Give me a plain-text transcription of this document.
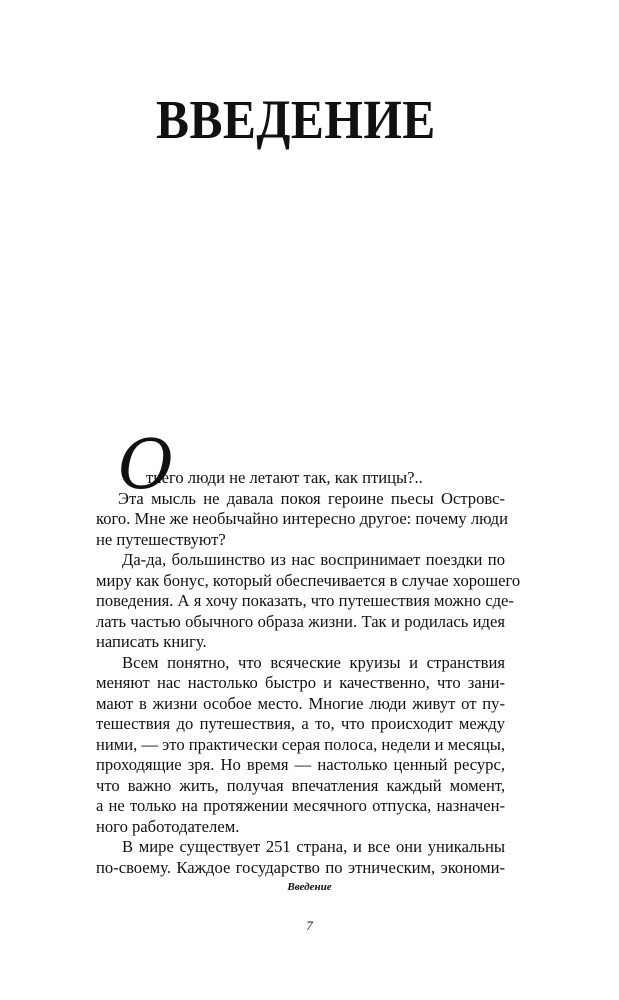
ВВЕДЕНИЕ
О
тчего люди не летают так, как птицы?..
Эта мысль не давала покоя героине пьесы Островс-
кого. Мне же необычайно интересно другое: почему люди
не путешествуют?
Да-да, большинство из нас воспринимает поездки по
миру как бонус, который обеспечивается в случае хорошего
поведения. А я хочу показать, что путешествия можно сде-
лать частью обычного образа жизни. Так и родилась идея
написать книгу.
Всем понятно, что всяческие круизы и странствия
меняют нас настолько быстро и качественно, что зани-
мают в жизни особое место. Многие люди живут от пу-
тешествия до путешествия, а то, что происходит между
ними, — это практически серая полоса, недели и месяцы,
проходящие зря. Но время — настолько ценный ресурс,
что важно жить, получая впечатления каждый момент,
а не только на протяжении месячного отпуска, назначен-
ного работодателем.
В мире существует 251 страна, и все они уникальны
по-своему. Каждое государство по этническим, экономи-
Введение
7
